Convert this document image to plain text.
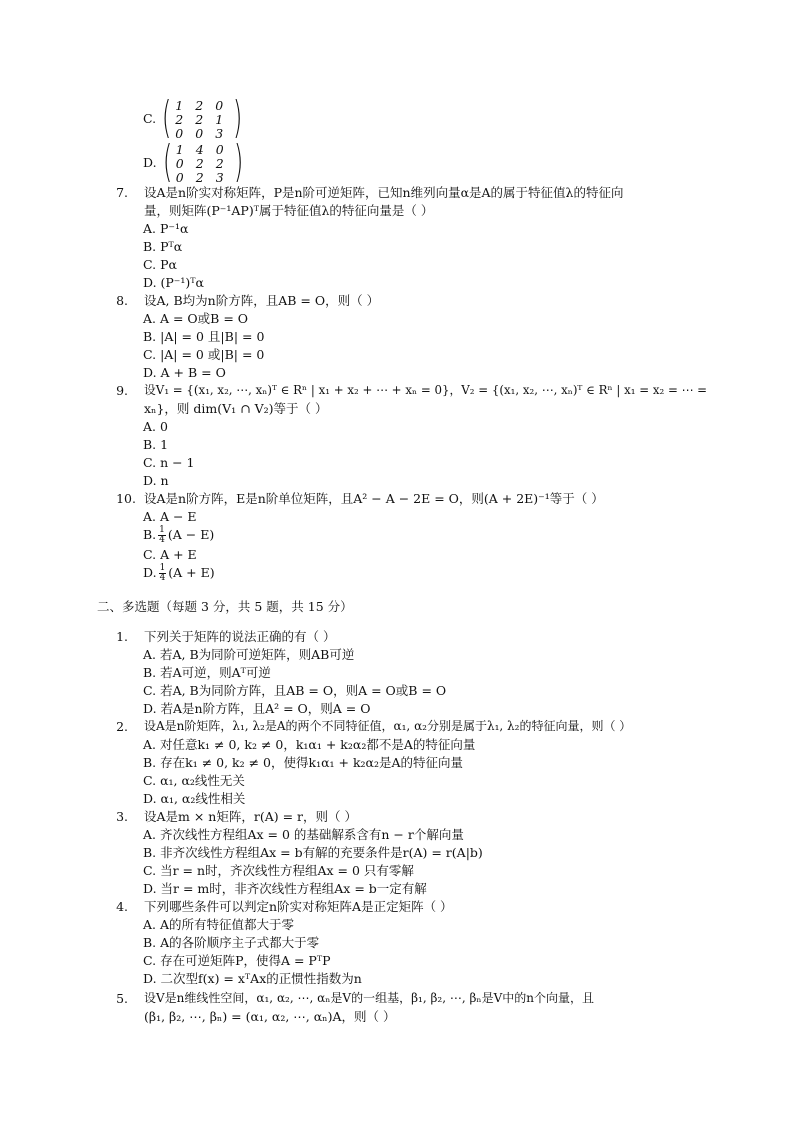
C. ( 1 2 0
2 2 1
0 0 3 )
D. ( 1 4 0
0 2 2
0 2 3 )
7. 设A是n阶实对称矩阵，P是n阶可逆矩阵，已知n维列向量α是A的属于特征值λ的特征向
量，则矩阵(P⁻¹AP)ᵀ属于特征值λ的特征向量是（ ）
A. P⁻¹α
B. Pᵀα
C. Pα
D. (P⁻¹)ᵀα
8. 设A, B均为n阶方阵，且AB = O，则（ ）
A. A = O或B = O
B. |A| = 0 且|B| = 0
C. |A| = 0 或|B| = 0
D. A + B = O
9. 设V₁ = {(x₁, x₂, ⋯, xₙ)ᵀ ∈ Rⁿ | x₁ + x₂ + ⋯ + xₙ = 0}，V₂ = {(x₁, x₂, ⋯, xₙ)ᵀ ∈ Rⁿ | x₁ = x₂ = ⋯ =
xₙ}，则 dim(V₁ ∩ V₂)等于（ ）
A. 0
B. 1
C. n − 1
D. n
10. 设A是n阶方阵，E是n阶单位矩阵，且A² − A − 2E = O，则(A + 2E)⁻¹等于（ ）
A. A − E
B. $\frac{1}{4} (A - E)$
C. A + E
D. $\frac{1}{4} (A + E)$
二、多选题（每题 3 分，共 5 题，共 15 分）
1. 下列关于矩阵的说法正确的有（ ）
A. 若A, B为同阶可逆矩阵，则AB可逆
B. 若A可逆，则Aᵀ可逆
C. 若A, B为同阶方阵，且AB = O，则A = O或B = O
D. 若A是n阶方阵，且A² = O，则A = O
2. 设A是n阶矩阵，λ₁, λ₂是A的两个不同特征值，α₁, α₂分别是属于λ₁, λ₂的特征向量，则（ ）
A. 对任意k₁ ≠ 0, k₂ ≠ 0，k₁α₁ + k₂α₂都不是A的特征向量
B. 存在k₁ ≠ 0, k₂ ≠ 0，使得k₁α₁ + k₂α₂是A的特征向量
C. α₁, α₂线性无关
D. α₁, α₂线性相关
3. 设A是m × n矩阵，r(A) = r，则（ ）
A. 齐次线性方程组Ax = 0 的基础解系含有n − r个解向量
B. 非齐次线性方程组Ax = b有解的充要条件是r(A) = r(A|b)
C. 当r = n时，齐次线性方程组Ax = 0 只有零解
D. 当r = m时，非齐次线性方程组Ax = b一定有解
4. 下列哪些条件可以判定n阶实对称矩阵A是正定矩阵（ ）
A. A的所有特征值都大于零
B. A的各阶顺序主子式都大于零
C. 存在可逆矩阵P，使得A = PᵀP
D. 二次型f(x) = xᵀAx的正惯性指数为n
5. 设V是n维线性空间，α₁, α₂, ⋯, αₙ是V的一组基，β₁, β₂, ⋯, βₙ是V中的n个向量，且
(β₁, β₂, ⋯, βₙ) = (α₁, α₂, ⋯, αₙ)A，则（ ）
